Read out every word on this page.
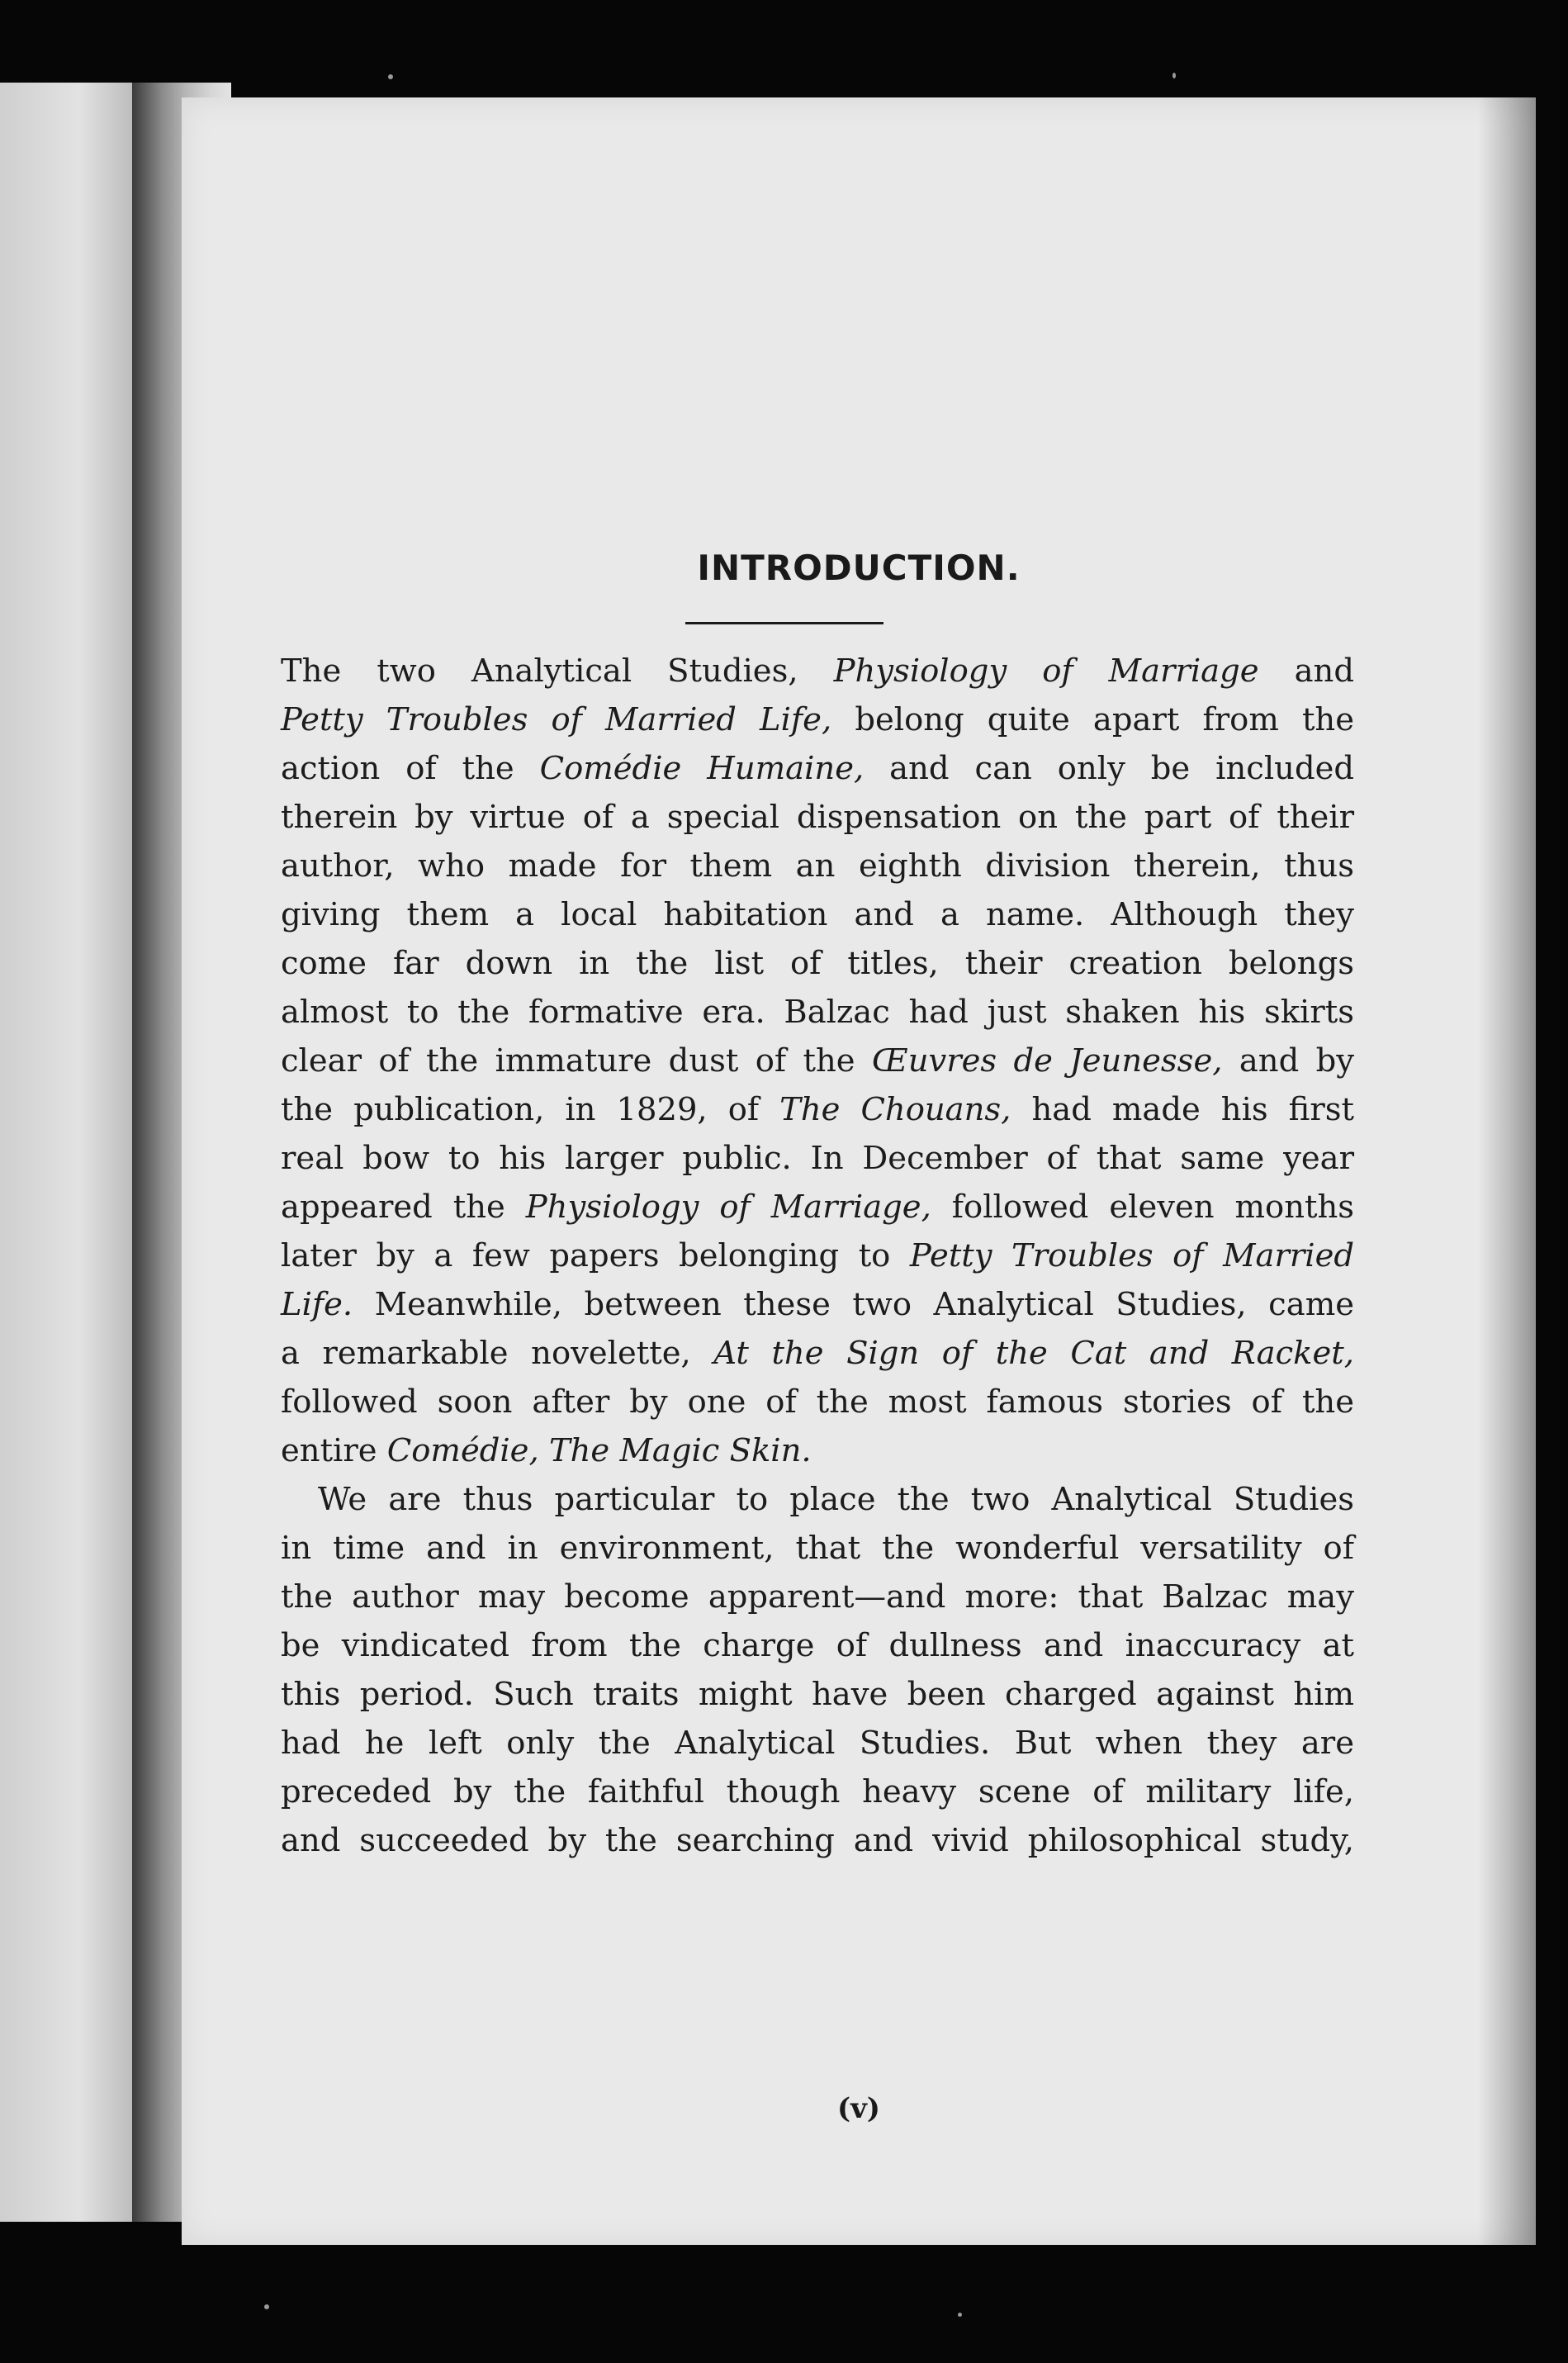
INTRODUCTION.
The two Analytical Studies, Physiology of Marriage and
Petty Troubles of Married Life, belong quite apart from the
action of the Comédie Humaine, and can only be included
therein by virtue of a special dispensation on the part of their
author, who made for them an eighth division therein, thus
giving them a local habitation and a name. Although they
come far down in the list of titles, their creation belongs
almost to the formative era. Balzac had just shaken his skirts
clear of the immature dust of the Œuvres de Jeunesse, and by
the publication, in 1829, of The Chouans, had made his first
real bow to his larger public. In December of that same year
appeared the Physiology of Marriage, followed eleven months
later by a few papers belonging to Petty Troubles of Married
Life. Meanwhile, between these two Analytical Studies, came
a remarkable novelette, At the Sign of the Cat and Racket,
followed soon after by one of the most famous stories of the
entire Comédie, The Magic Skin.
We are thus particular to place the two Analytical Studies
in time and in environment, that the wonderful versatility of
the author may become apparent—and more: that Balzac may
be vindicated from the charge of dullness and inaccuracy at
this period. Such traits might have been charged against him
had he left only the Analytical Studies. But when they are
preceded by the faithful though heavy scene of military life,
and succeeded by the searching and vivid philosophical study,

(v)
